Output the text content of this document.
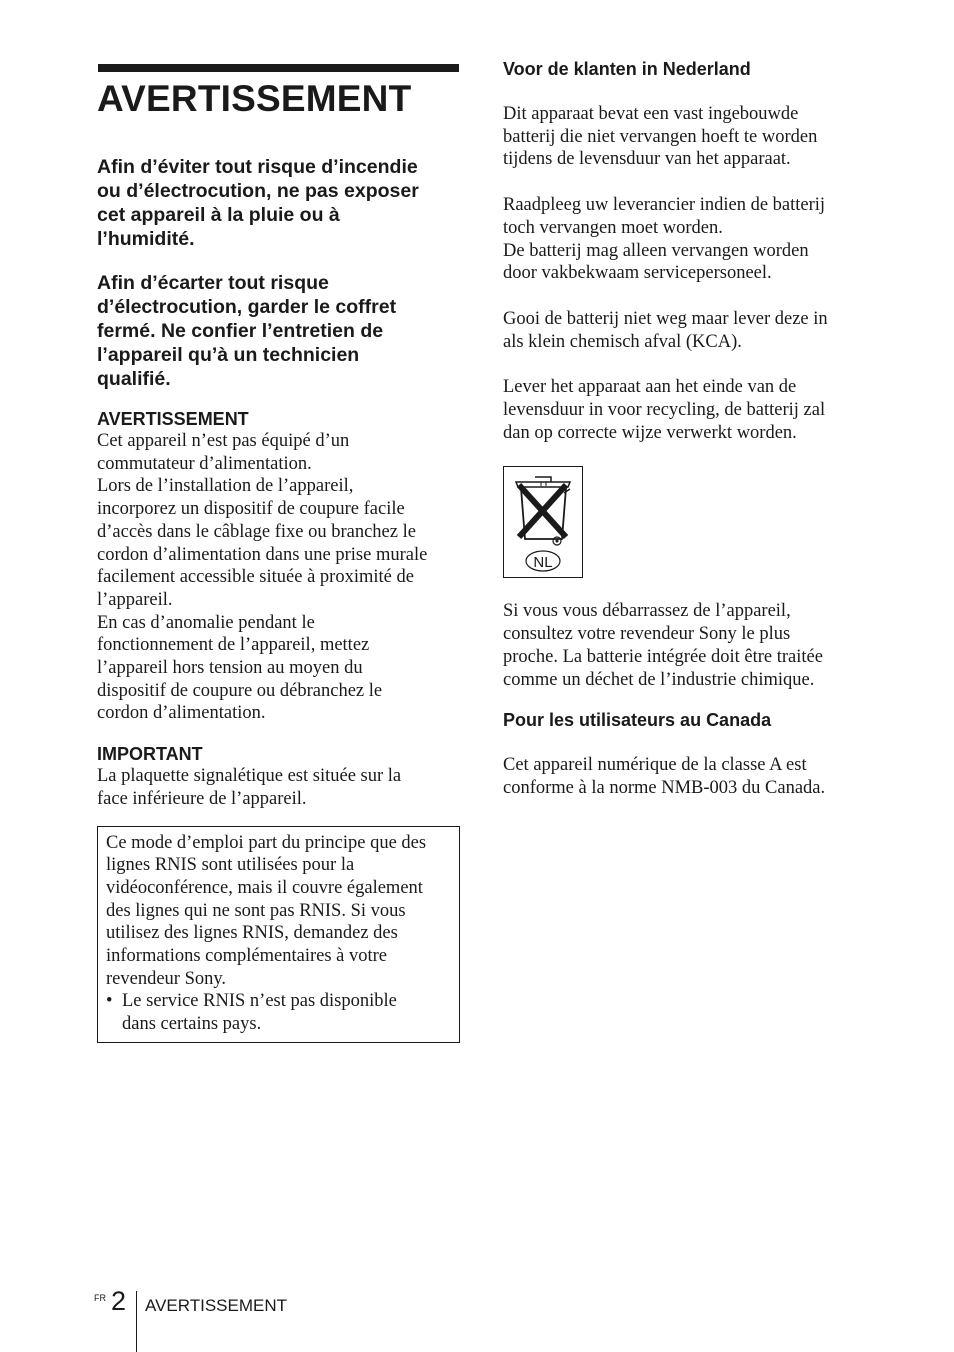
AVERTISSEMENT

Afin d’éviter tout risque d’incendie
ou d’électrocution, ne pas exposer
cet appareil à la pluie ou à
l’humidité.

Afin d’écarter tout risque
d’électrocution, garder le coffret
fermé. Ne confier l’entretien de
l’appareil qu’à un technicien
qualifié.

AVERTISSEMENT

Cet appareil n’est pas équipé d’un
commutateur d’alimentation.
Lors de l’installation de l’appareil,
incorporez un dispositif de coupure facile
d’accès dans le câblage fixe ou branchez le
cordon d’alimentation dans une prise murale
facilement accessible située à proximité de
l’appareil.
En cas d’anomalie pendant le
fonctionnement de l’appareil, mettez
l’appareil hors tension au moyen du
dispositif de coupure ou débranchez le
cordon d’alimentation.

IMPORTANT

La plaquette signalétique est située sur la
face inférieure de l’appareil.

Ce mode d’emploi part du principe que des
lignes RNIS sont utilisées pour la
vidéoconférence, mais il couvre également
des lignes qui ne sont pas RNIS. Si vous
utilisez des lignes RNIS, demandez des
informations complémentaires à votre
revendeur Sony.

• Le service RNIS n’est pas disponible
dans certains pays.
Voor de klanten in Nederland

Dit apparaat bevat een vast ingebouwde
batterij die niet vervangen hoeft te worden
tijdens de levensduur van het apparaat.

Raadpleeg uw leverancier indien de batterij
toch vervangen moet worden.
De batterij mag alleen vervangen worden
door vakbekwaam servicepersoneel.

Gooi de batterij niet weg maar lever deze in
als klein chemisch afval (KCA).

Lever het apparaat aan het einde van de
levensduur in voor recycling, de batterij zal
dan op correcte wijze verwerkt worden.

NL

Si vous vous débarrassez de l’appareil,
consultez votre revendeur Sony le plus
proche. La batterie intégrée doit être traitée
comme un déchet de l’industrie chimique.

Pour les utilisateurs au Canada

Cet appareil numérique de la classe A est
conforme à la norme NMB-003 du Canada.

FR 2 AVERTISSEMENT
